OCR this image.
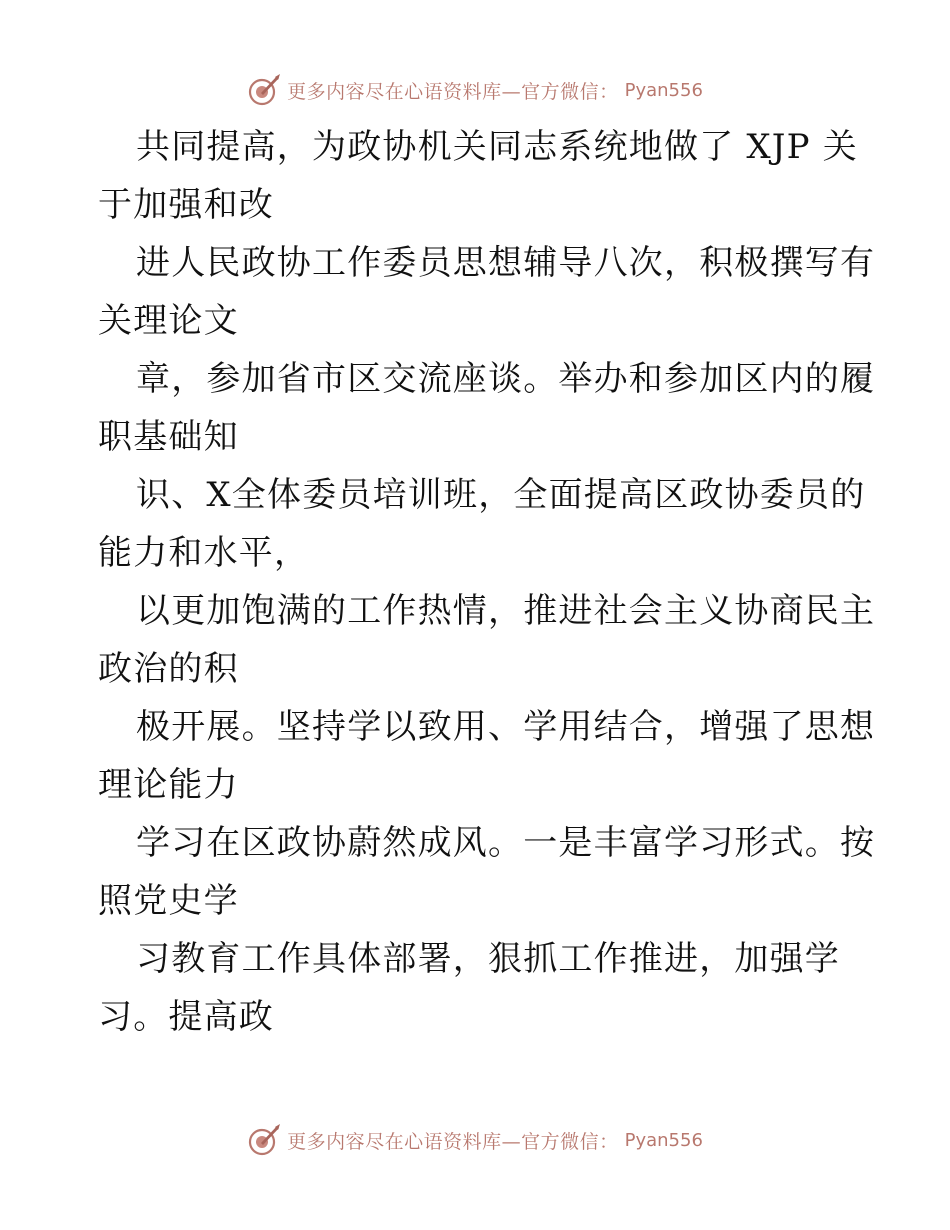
更多内容尽在心语资料库—官方微信： Pyan556

共同提高，为政协机关同志系统地做了 XJP 关
于加强和改

进人民政协工作委员思想辅导八次，积极撰写有
关理论文

章，参加省市区交流座谈。举办和参加区内的履
职基础知

识、X全体委员培训班，全面提高区政协委员的
能力和水平，

以更加饱满的工作热情，推进社会主义协商民主
政治的积

极开展。坚持学以致用、学用结合，增强了思想
理论能力

学习在区政协蔚然成风。一是丰富学习形式。按
照党史学

习教育工作具体部署，狠抓工作推进，加强学
习。提高政

更多内容尽在心语资料库—官方微信： Pyan556
